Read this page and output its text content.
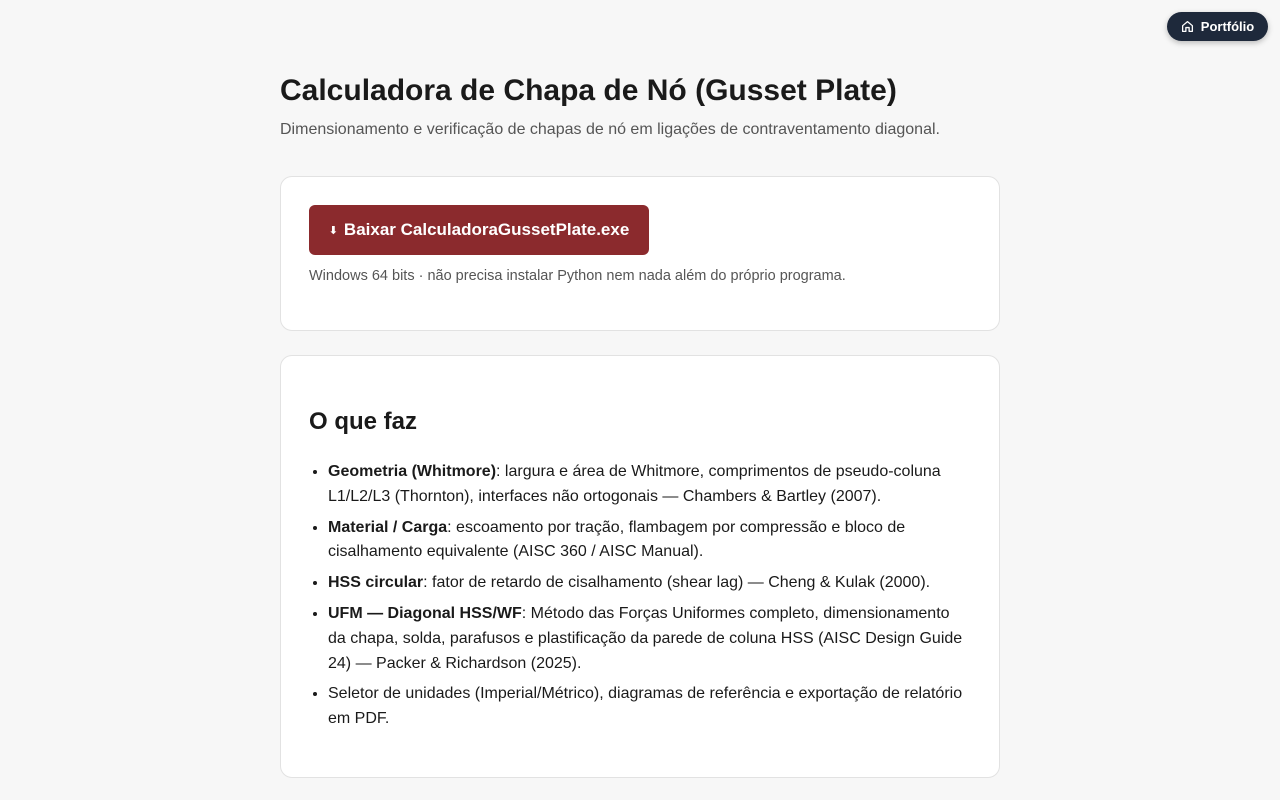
Portfólio
Calculadora de Chapa de Nó (Gusset Plate)

Dimensionamento e verificação de chapas de nó em ligações de contraventamento diagonal.

⬇ Baixar CalculadoraGussetPlate.exe

Windows 64 bits · não precisa instalar Python nem nada além do próprio programa.

O que faz
• Geometria (Whitmore): largura e área de Whitmore, comprimentos de pseudo-coluna L1/L2/L3 (Thornton), interfaces não ortogonais — Chambers & Bartley (2007).
• Material / Carga: escoamento por tração, flambagem por compressão e bloco de cisalhamento equivalente (AISC 360 / AISC Manual).
• HSS circular: fator de retardo de cisalhamento (shear lag) — Cheng & Kulak (2000).
• UFM — Diagonal HSS/WF: Método das Forças Uniformes completo, dimensionamento da chapa, solda, parafusos e plastificação da parede de coluna HSS (AISC Design Guide 24) — Packer & Richardson (2025).
• Seletor de unidades (Imperial/Métrico), diagramas de referência e exportação de relatório em PDF.
